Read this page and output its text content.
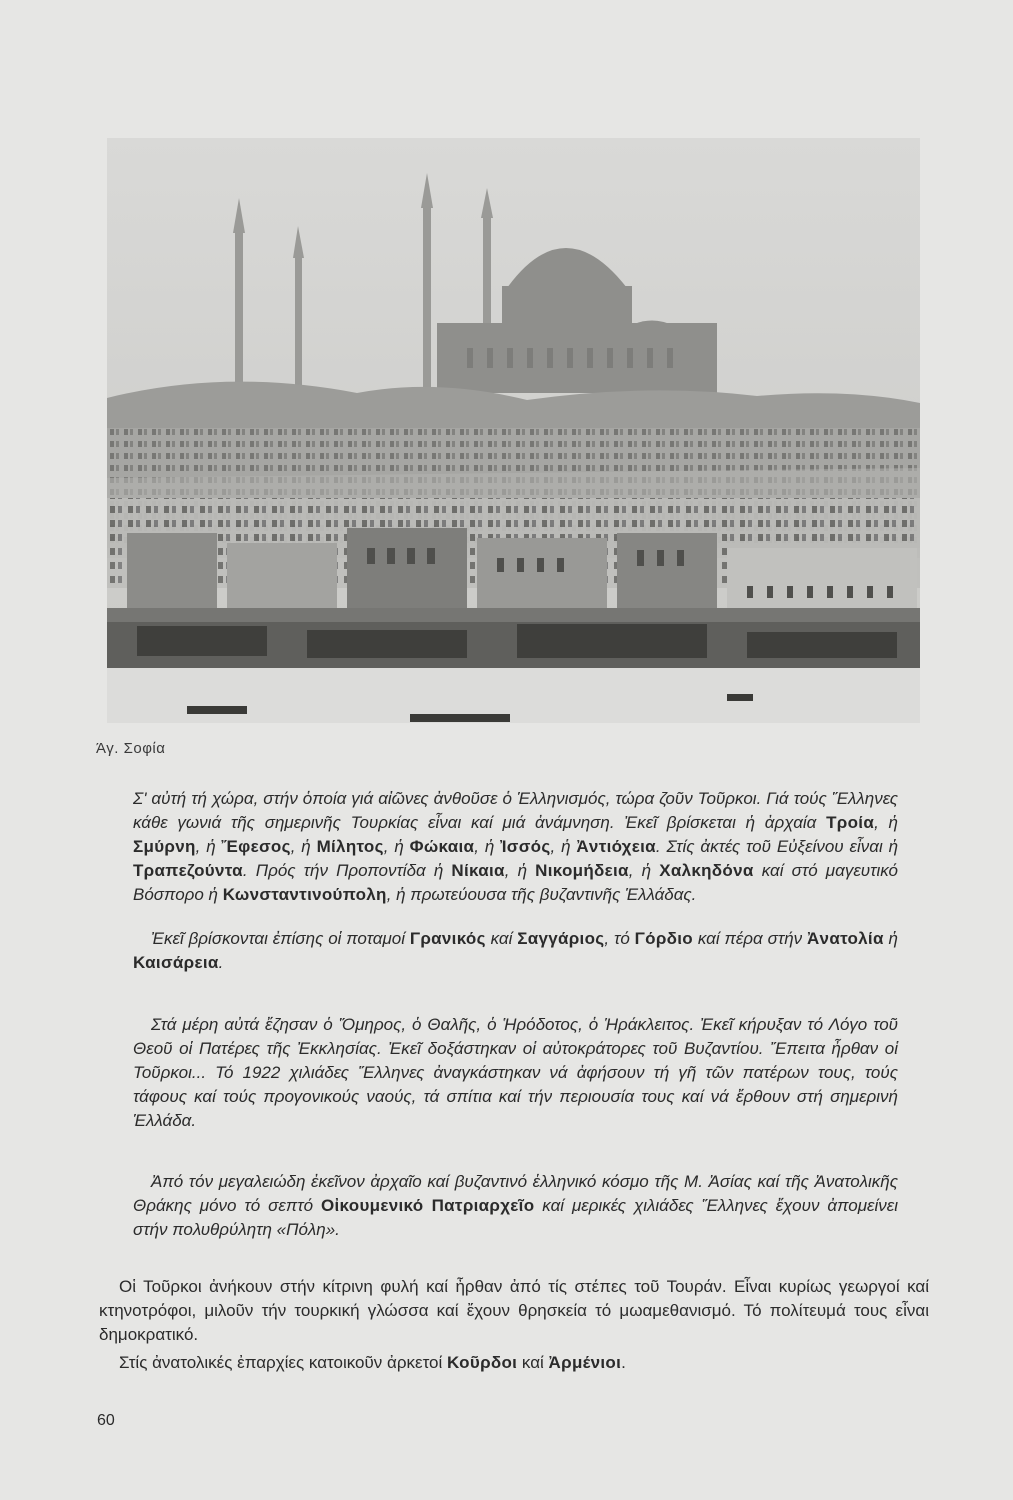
Άγ. Σοφία

Σ' αὐτή τή χώρα, στήν ὁποία γιά αἰῶνες ἀνθοῦσε ὁ Ἑλληνισμός, τώρα ζοῦν Τοῦρκοι. Γιά τούς Ἕλληνες κάθε γωνιά τῆς σημερινῆς Τουρκίας εἶναι καί μιά ἀνάμνηση. Ἐκεῖ βρίσκεται ἡ ἀρχαία Τροία, ἡ Σμύρνη, ἡ Ἔφεσος, ἡ Μίλητος, ἡ Φώκαια, ἡ Ἰσσός, ἡ Ἀντιόχεια. Στίς ἀκτές τοῦ Εὐξείνου εἶναι ἡ Τραπεζούντα. Πρός τήν Προποντίδα ἡ Νίκαια, ἡ Νικομήδεια, ἡ Χαλκηδόνα καί στό μαγευτικό Βόσπορο ἡ Κωνσταντινούπολη, ἡ πρωτεύουσα τῆς βυζαντινῆς Ἑλλάδας.

Ἐκεῖ βρίσκονται ἐπίσης οἱ ποταμοί Γρανικός καί Σαγγάριος, τό Γόρδιο καί πέρα στήν Ἀνατολία ἡ Καισάρεια.

Στά μέρη αὐτά ἔζησαν ὁ Ὅμηρος, ὁ Θαλῆς, ὁ Ἡρόδοτος, ὁ Ἡράκλειτος. Ἐκεῖ κήρυξαν τό Λόγο τοῦ Θεοῦ οἱ Πατέρες τῆς Ἐκκλησίας. Ἐκεῖ δοξάστηκαν οἱ αὐτοκράτορες τοῦ Βυζαντίου. Ἔπειτα ἦρθαν οἱ Τοῦρκοι... Τό 1922 χιλιάδες Ἕλληνες ἀναγκάστηκαν νά ἀφήσουν τή γῆ τῶν πατέρων τους, τούς τάφους καί τούς προγονικούς ναούς, τά σπίτια καί τήν περιουσία τους καί νά ἔρθουν στή σημερινή Ἑλλάδα.

Ἀπό τόν μεγαλειώδη ἐκεῖνον ἀρχαῖο καί βυζαντινό ἑλληνικό κόσμο τῆς Μ. Ἀσίας καί τῆς Ἀνατολικῆς Θράκης μόνο τό σεπτό Οἰκουμενικό Πατριαρχεῖο καί μερικές χιλιάδες Ἕλληνες ἔχουν ἀπομείνει στήν πολυθρύλητη «Πόλη».

Οἱ Τοῦρκοι ἀνήκουν στήν κίτρινη φυλή καί ἦρθαν ἀπό τίς στέπες τοῦ Τουράν. Εἶναι κυρίως γεωργοί καί κτηνοτρόφοι, μιλοῦν τήν τουρκική γλώσσα καί ἔχουν θρησκεία τό μωαμεθανισμό. Τό πολίτευμά τους εἶναι δημοκρατικό.

Στίς ἀνατολικές ἐπαρχίες κατοικοῦν ἀρκετοί Κοῦρδοι καί Ἀρμένιοι.

60
